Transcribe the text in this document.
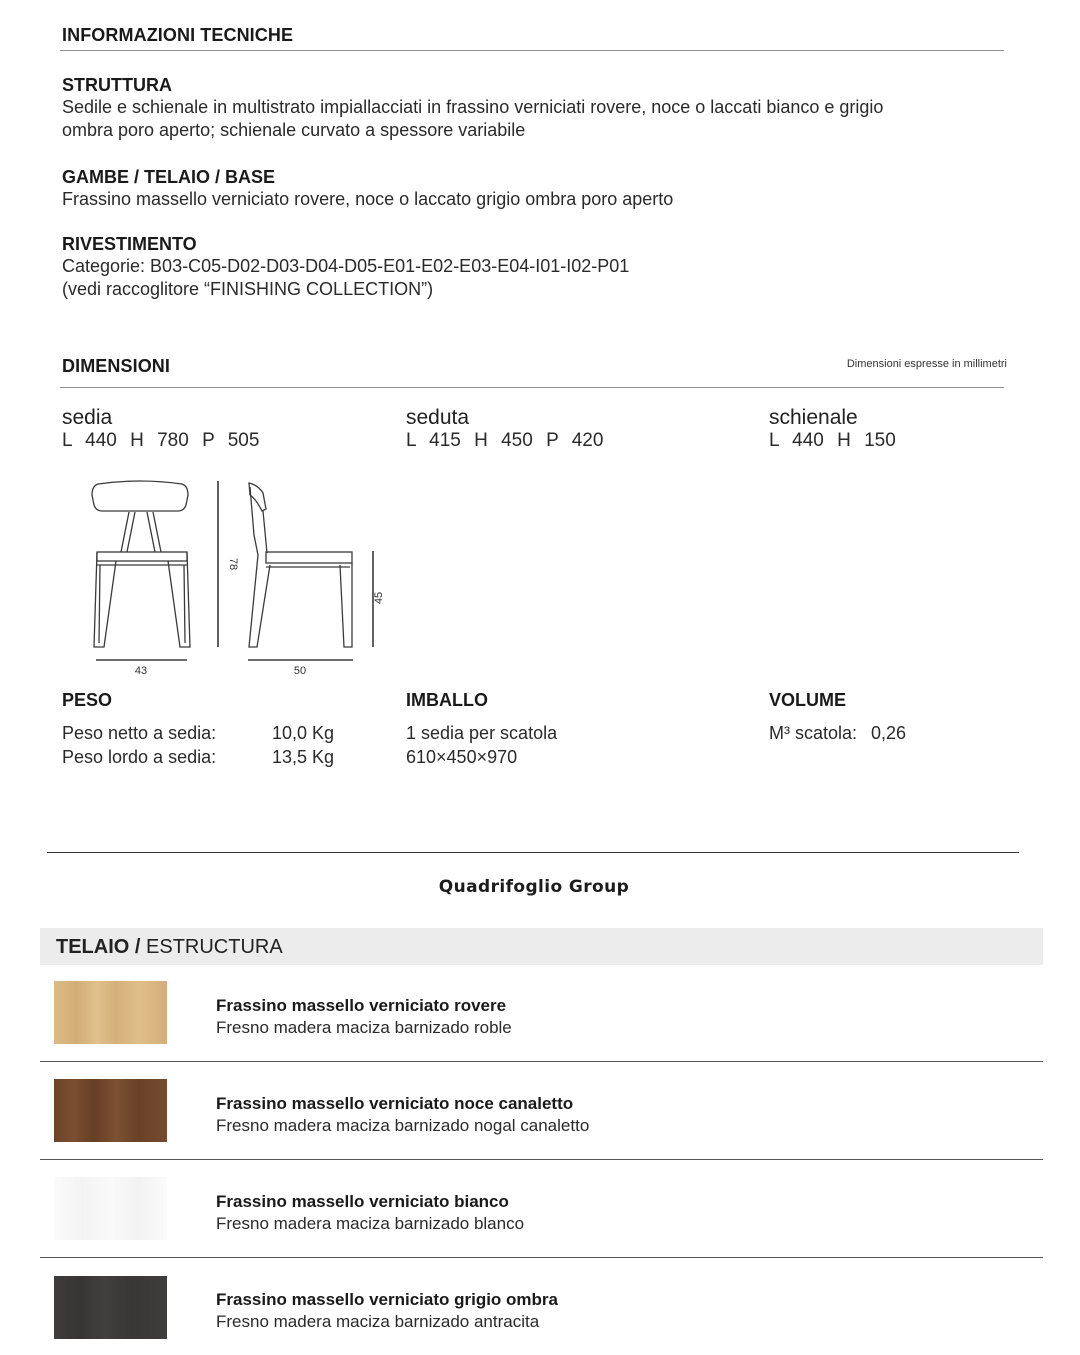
INFORMAZIONI TECNICHE
STRUTTURA
Sedile e schienale in multistrato impiallacciati in frassino verniciati rovere, noce o laccati bianco e grigio
ombra poro aperto; schienale curvato a spessore variabile
GAMBE / TELAIO / BASE
Frassino massello verniciato rovere, noce o laccato grigio ombra poro aperto
RIVESTIMENTO
Categorie: B03-C05-D02-D03-D04-D05-E01-E02-E03-E04-I01-I02-P01
(vedi raccoglitore “FINISHING COLLECTION”)
DIMENSIONI	Dimensioni espresse in millimetri
sedia
L 440 H 780 P 505
seduta
L 415 H 450 P 420
schienale
L 440 H 150
43	50
78
45
PESO
Peso netto a sedia:	10,0 Kg
Peso lordo a sedia:	13,5 Kg
IMBALLO
1 sedia per scatola
610×450×970
VOLUME
M³ scatola: 0,26
Quadrifoglio Group
TELAIO / ESTRUCTURA
Frassino massello verniciato rovere
Fresno madera maciza barnizado roble
Frassino massello verniciato noce canaletto
Fresno madera maciza barnizado nogal canaletto
Frassino massello verniciato bianco
Fresno madera maciza barnizado blanco
Frassino massello verniciato grigio ombra
Fresno madera maciza barnizado antracita
